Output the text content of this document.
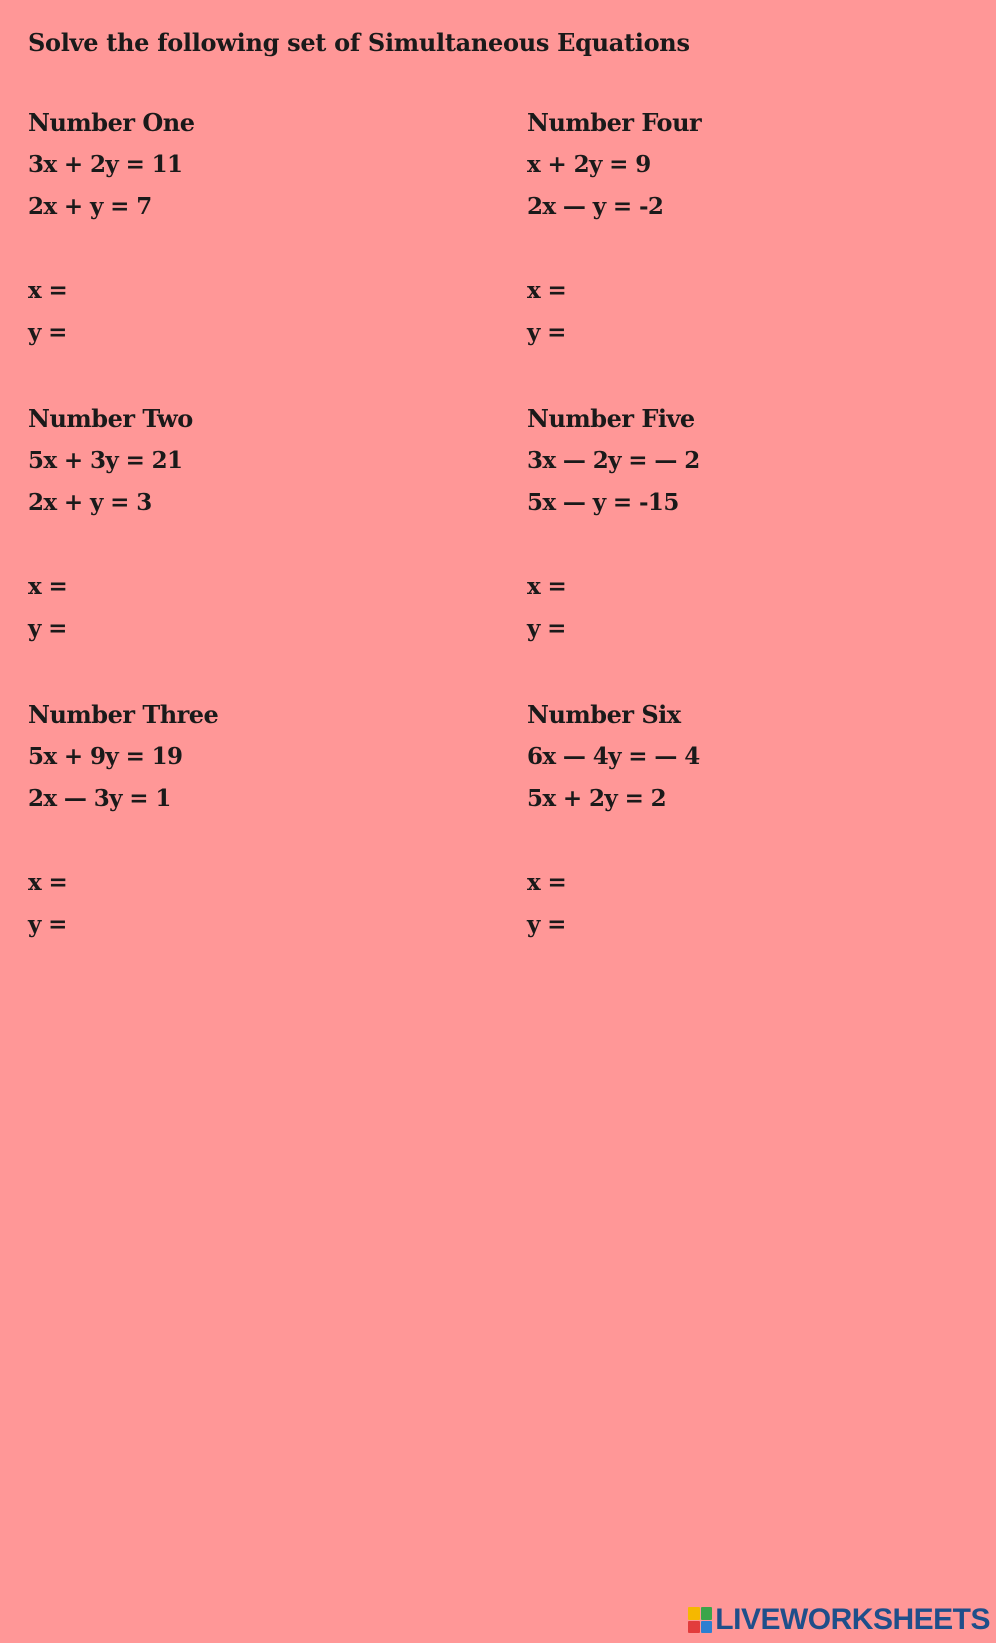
Solve the following set of Simultaneous Equations
Number One
3x + 2y = 11
2x + y = 7
x =
y =
Number Two
5x + 3y = 21
2x + y = 3
x =
y =
Number Three
5x + 9y = 19
2x — 3y = 1
x =
y =
Number Four
x + 2y = 9
2x — y = -2
x =
y =
Number Five
3x — 2y = — 2
5x — y = -15
x =
y =
Number Six
6x — 4y = — 4
5x + 2y = 2
x =
y =
LIVEWORKSHEETS
